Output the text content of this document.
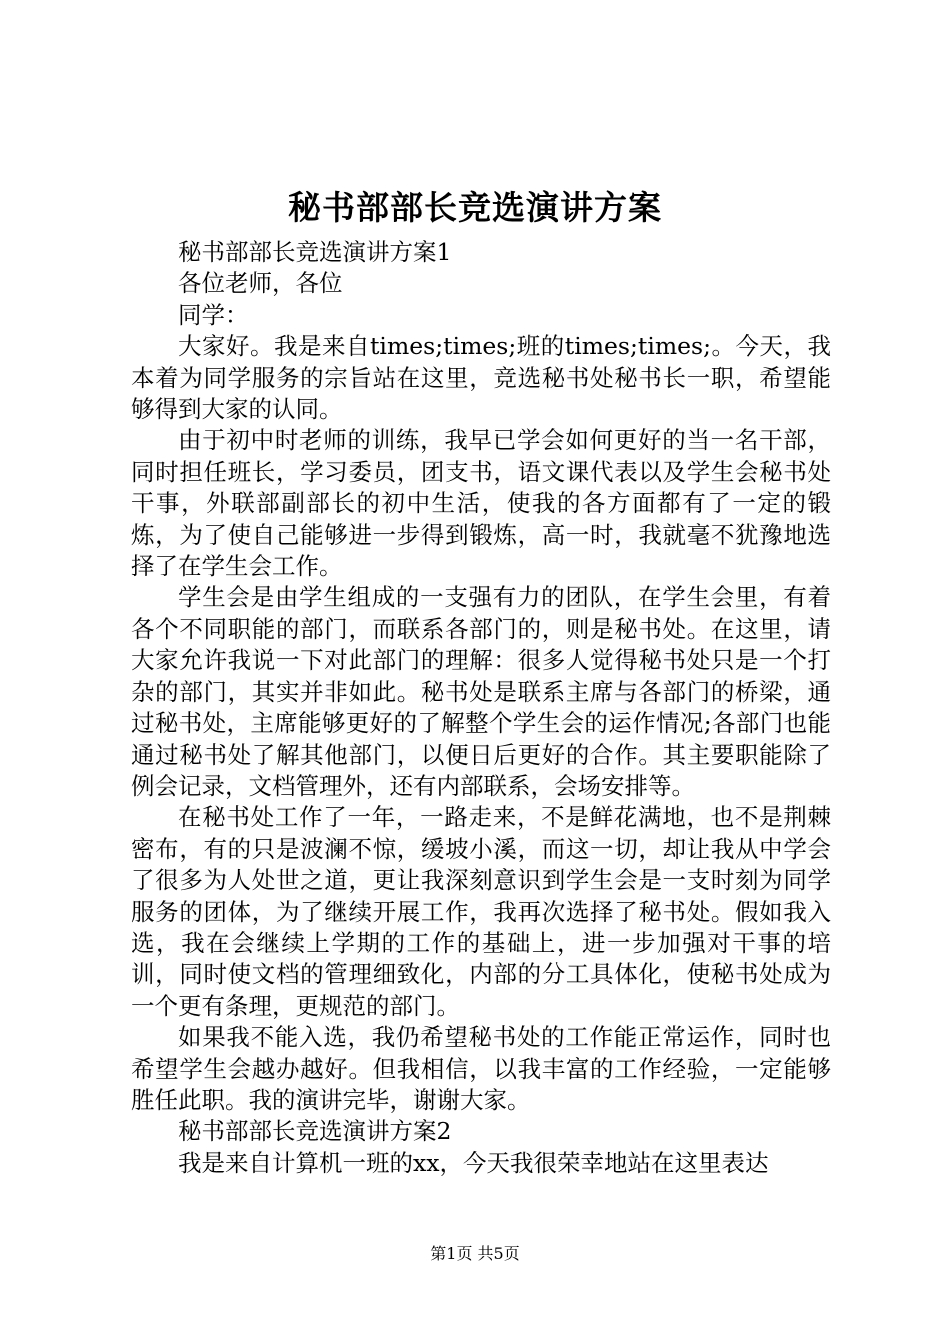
秘书部部长竞选演讲方案

秘书部部长竞选演讲方案1

各位老师，各位

同学：

大家好。我是来自times;times;班的times;times;。今天，我本着为同学服务的宗旨站在这里，竞选秘书处秘书长一职，希望能够得到大家的认同。

由于初中时老师的训练，我早已学会如何更好的当一名干部，同时担任班长，学习委员，团支书，语文课代表以及学生会秘书处干事，外联部副部长的初中生活，使我的各方面都有了一定的锻炼，为了使自己能够进一步得到锻炼，高一时，我就毫不犹豫地选择了在学生会工作。

学生会是由学生组成的一支强有力的团队，在学生会里，有着各个不同职能的部门，而联系各部门的，则是秘书处。在这里，请大家允许我说一下对此部门的理解：很多人觉得秘书处只是一个打杂的部门，其实并非如此。秘书处是联系主席与各部门的桥梁，通过秘书处，主席能够更好的了解整个学生会的运作情况;各部门也能通过秘书处了解其他部门，以便日后更好的合作。其主要职能除了例会记录，文档管理外，还有内部联系，会场安排等。

在秘书处工作了一年，一路走来，不是鲜花满地，也不是荆棘密布，有的只是波澜不惊，缓坡小溪，而这一切，却让我从中学会了很多为人处世之道，更让我深刻意识到学生会是一支时刻为同学服务的团体，为了继续开展工作，我再次选择了秘书处。假如我入选，我在会继续上学期的工作的基础上，进一步加强对干事的培训，同时使文档的管理细致化，内部的分工具体化，使秘书处成为一个更有条理，更规范的部门。

如果我不能入选，我仍希望秘书处的工作能正常运作，同时也希望学生会越办越好。但我相信，以我丰富的工作经验，一定能够胜任此职。我的演讲完毕，谢谢大家。

秘书部部长竞选演讲方案2

我是来自计算机一班的xx，今天我很荣幸地站在这里表达

第1页 共5页
